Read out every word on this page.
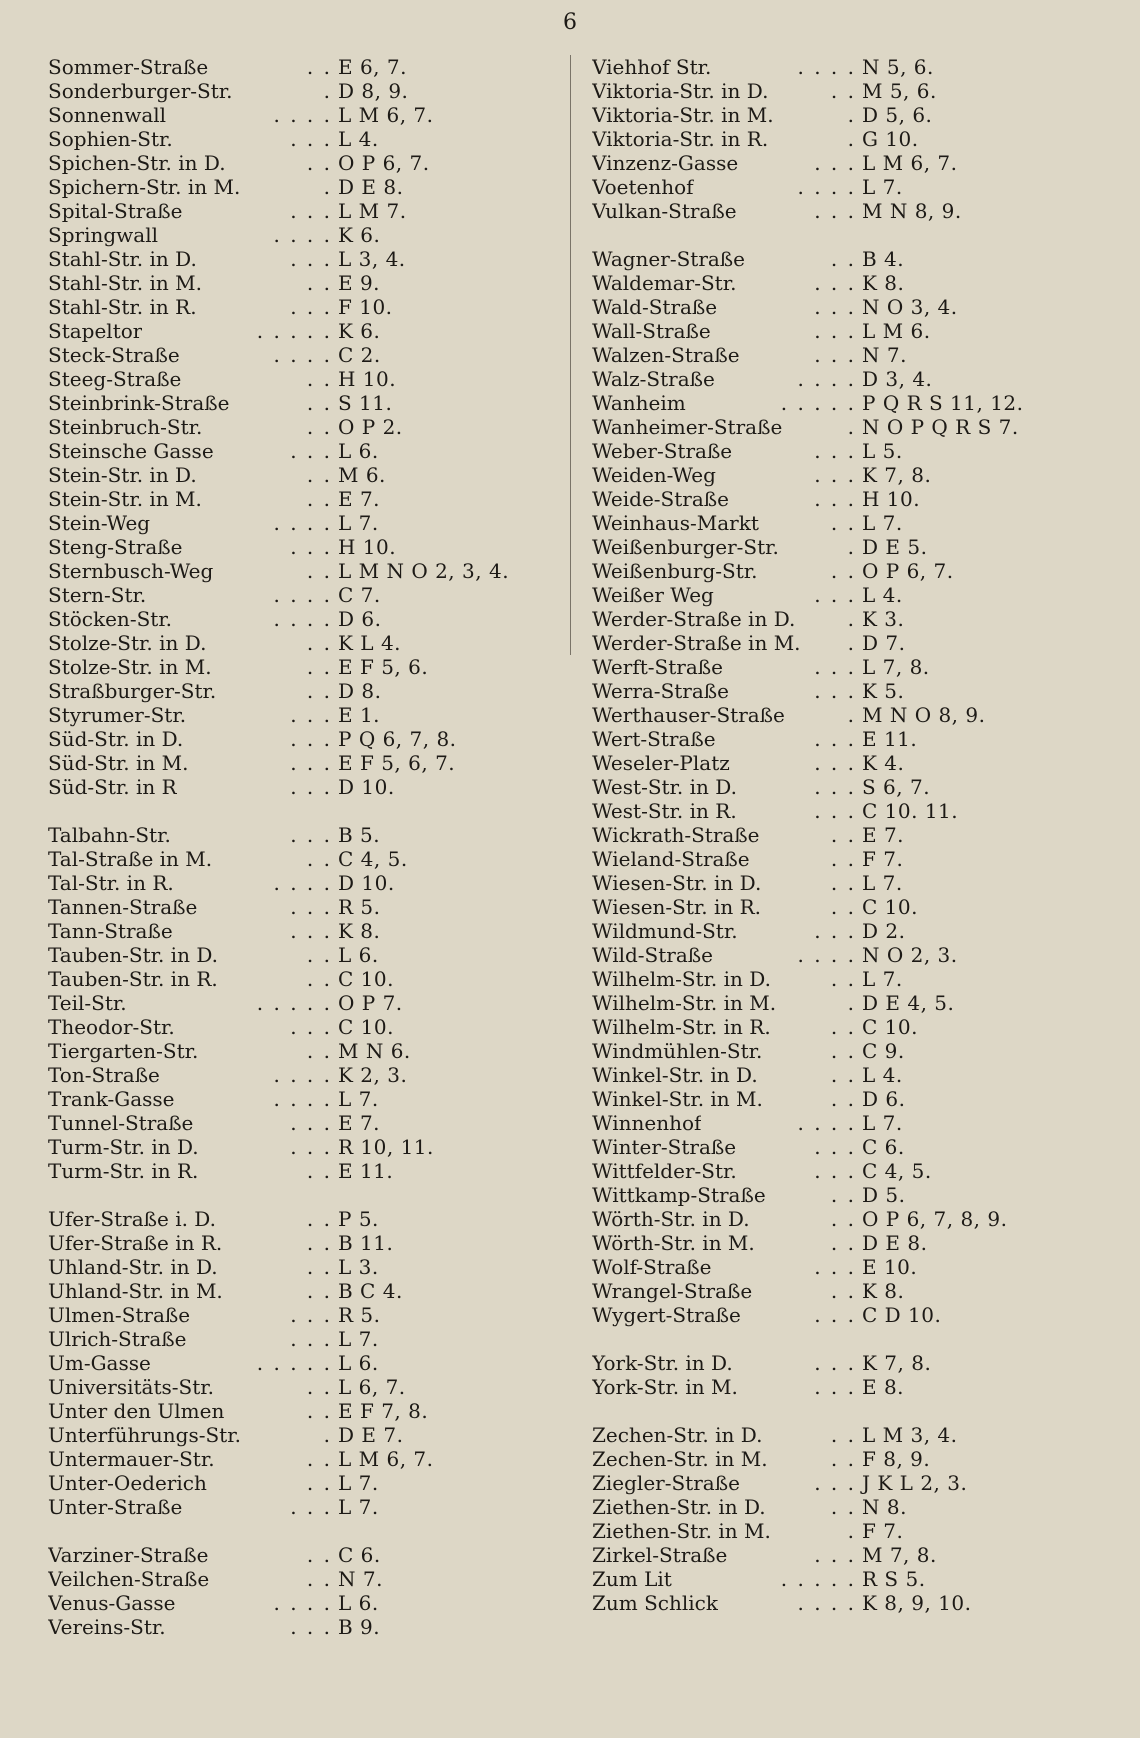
6
Sommer-Straße	. . E 6, 7.
Sonderburger-Str.	. D 8, 9.
Sonnenwall	. . . . L M 6, 7.
Sophien-Str.	. . . L 4.
Spichen-Str. in D.	. . O P 6, 7.
Spichern-Str. in M.	. D E 8.
Spital-Straße	. . . L M 7.
Springwall	. . . . K 6.
Stahl-Str. in D.	. . . L 3, 4.
Stahl-Str. in M.	. . E 9.
Stahl-Str. in R.	. . . F 10.
Stapeltor	. . . . . K 6.
Steck-Straße	. . . . C 2.
Steeg-Straße	. . H 10.
Steinbrink-Straße	. . S 11.
Steinbruch-Str.	. . O P 2.
Steinsche Gasse	. . . L 6.
Stein-Str. in D.	. . M 6.
Stein-Str. in M.	. . E 7.
Stein-Weg	. . . . L 7.
Steng-Straße	. . . H 10.
Sternbusch-Weg	. . L M N O 2, 3, 4.
Stern-Str.	. . . . C 7.
Stöcken-Str.	. . . . D 6.
Stolze-Str. in D.	. . K L 4.
Stolze-Str. in M.	. . E F 5, 6.
Straßburger-Str.	. . D 8.
Styrumer-Str.	. . . E 1.
Süd-Str. in D.	. . . P Q 6, 7, 8.
Süd-Str. in M.	. . . E F 5, 6, 7.
Süd-Str. in R	. . . D 10.
Talbahn-Str.	. . . B 5.
Tal-Straße in M.	. . C 4, 5.
Tal-Str. in R.	. . . . D 10.
Tannen-Straße	. . . R 5.
Tann-Straße	. . . K 8.
Tauben-Str. in D.	. . L 6.
Tauben-Str. in R.	. . C 10.
Teil-Str.	. . . . . O P 7.
Theodor-Str.	. . . C 10.
Tiergarten-Str.	. . M N 6.
Ton-Straße	. . . . K 2, 3.
Trank-Gasse	. . . . L 7.
Tunnel-Straße	. . . E 7.
Turm-Str. in D.	. . . R 10, 11.
Turm-Str. in R.	. . E 11.
Ufer-Straße i. D.	. . P 5.
Ufer-Straße in R.	. . B 11.
Uhland-Str. in D.	. . L 3.
Uhland-Str. in M.	. . B C 4.
Ulmen-Straße	. . . R 5.
Ulrich-Straße	. . . L 7.
Um-Gasse	. . . . . L 6.
Universitäts-Str.	. . L 6, 7.
Unter den Ulmen	. . E F 7, 8.
Unterführungs-Str.	. D E 7.
Untermauer-Str.	. . L M 6, 7.
Unter-Oederich	. . L 7.
Unter-Straße	. . . L 7.
Varziner-Straße	. . C 6.
Veilchen-Straße	. . N 7.
Venus-Gasse	. . . . L 6.
Vereins-Str.	. . . B 9.
Viehhof Str.	. . . . N 5, 6.
Viktoria-Str. in D.	. . M 5, 6.
Viktoria-Str. in M.	. D 5, 6.
Viktoria-Str. in R.	. G 10.
Vinzenz-Gasse	. . . L M 6, 7.
Voetenhof	. . . . L 7.
Vulkan-Straße	. . . M N 8, 9.
Wagner-Straße	. . B 4.
Waldemar-Str.	. . . K 8.
Wald-Straße	. . . N O 3, 4.
Wall-Straße	. . . L M 6.
Walzen-Straße	. . . N 7.
Walz-Straße	. . . . D 3, 4.
Wanheim	. . . . . P Q R S 11, 12.
Wanheimer-Straße	. N O P Q R S 7.
Weber-Straße	. . . L 5.
Weiden-Weg	. . . K 7, 8.
Weide-Straße	. . . H 10.
Weinhaus-Markt	. . L 7.
Weißenburger-Str.	. D E 5.
Weißenburg-Str.	. . O P 6, 7.
Weißer Weg	. . . L 4.
Werder-Straße in D.	. K 3.
Werder-Straße in M.	. D 7.
Werft-Straße	. . . L 7, 8.
Werra-Straße	. . . K 5.
Werthauser-Straße	. M N O 8, 9.
Wert-Straße	. . . E 11.
Weseler-Platz	. . . K 4.
West-Str. in D.	. . . S 6, 7.
West-Str. in R.	. . . C 10. 11.
Wickrath-Straße	. . E 7.
Wieland-Straße	. . F 7.
Wiesen-Str. in D.	. . L 7.
Wiesen-Str. in R.	. . C 10.
Wildmund-Str.	. . . D 2.
Wild-Straße	. . . . N O 2, 3.
Wilhelm-Str. in D.	. . L 7.
Wilhelm-Str. in M.	. D E 4, 5.
Wilhelm-Str. in R.	. . C 10.
Windmühlen-Str.	. . C 9.
Winkel-Str. in D.	. . L 4.
Winkel-Str. in M.	. . D 6.
Winnenhof	. . . . L 7.
Winter-Straße	. . . C 6.
Wittfelder-Str.	. . . C 4, 5.
Wittkamp-Straße	. . D 5.
Wörth-Str. in D.	. . O P 6, 7, 8, 9.
Wörth-Str. in M.	. . D E 8.
Wolf-Straße	. . . E 10.
Wrangel-Straße	. . K 8.
Wygert-Straße	. . . C D 10.
York-Str. in D.	. . . K 7, 8.
York-Str. in M.	. . . E 8.
Zechen-Str. in D.	. . L M 3, 4.
Zechen-Str. in M.	. . F 8, 9.
Ziegler-Straße	. . . J K L 2, 3.
Ziethen-Str. in D.	. . N 8.
Ziethen-Str. in M.	. F 7.
Zirkel-Straße	. . . M 7, 8.
Zum Lit	. . . . . R S 5.
Zum Schlick	. . . . K 8, 9, 10.
